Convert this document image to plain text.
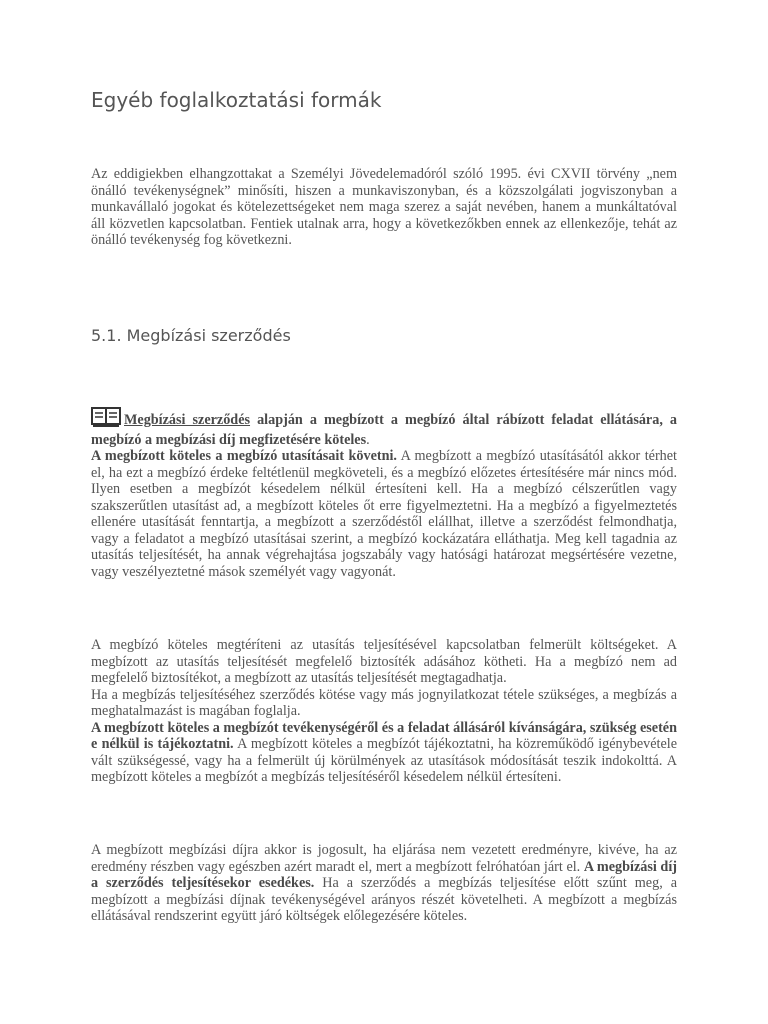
Egyéb foglalkoztatási formák

Az eddigiekben elhangzottakat a Személyi Jövedelemadóról szóló 1995. évi CXVII törvény „nem önálló tevékenységnek” minősíti, hiszen a munkaviszonyban, és a közszolgálati jogviszonyban a munkavállaló jogokat és kötelezettségeket nem maga szerez a saját nevében, hanem a munkáltatóval áll közvetlen kapcsolatban. Fentiek utalnak arra, hogy a következőkben ennek az ellenkezője, tehát az önálló tevékenység fog következni.

5.1. Megbízási szerződés

Megbízási szerződés alapján a megbízott a megbízó által rábízott feladat ellátására, a megbízó a megbízási díj megfizetésére köteles.
A megbízott köteles a megbízó utasításait követni. A megbízott a megbízó utasításától akkor térhet el, ha ezt a megbízó érdeke feltétlenül megköveteli, és a megbízó előzetes értesítésére már nincs mód. Ilyen esetben a megbízót késedelem nélkül értesíteni kell. Ha a megbízó célszerűtlen vagy szakszerűtlen utasítást ad, a megbízott köteles őt erre figyelmeztetni. Ha a megbízó a figyelmeztetés ellenére utasítását fenntartja, a megbízott a szerződéstől elállhat, illetve a szerződést felmondhatja, vagy a feladatot a megbízó utasításai szerint, a megbízó kockázatára elláthatja. Meg kell tagadnia az utasítás teljesítését, ha annak végrehajtása jogszabály vagy hatósági határozat megsértésére vezetne, vagy veszélyeztetné mások személyét vagy vagyonát.

A megbízó köteles megtéríteni az utasítás teljesítésével kapcsolatban felmerült költségeket. A megbízott az utasítás teljesítését megfelelő biztosíték adásához kötheti. Ha a megbízó nem ad megfelelő biztosítékot, a megbízott az utasítás teljesítését megtagadhatja.
Ha a megbízás teljesítéséhez szerződés kötése vagy más jognyilatkozat tétele szükséges, a megbízás a meghatalmazást is magában foglalja.
A megbízott köteles a megbízót tevékenységéről és a feladat állásáról kívánságára, szükség esetén e nélkül is tájékoztatni. A megbízott köteles a megbízót tájékoztatni, ha közreműködő igénybevétele vált szükségessé, vagy ha a felmerült új körülmények az utasítások módosítását teszik indokolttá. A megbízott köteles a megbízót a megbízás teljesítéséről késedelem nélkül értesíteni.

A megbízott megbízási díjra akkor is jogosult, ha eljárása nem vezetett eredményre, kivéve, ha az eredmény részben vagy egészben azért maradt el, mert a megbízott felróhatóan járt el. A megbízási díj a szerződés teljesítésekor esedékes. Ha a szerződés a megbízás teljesítése előtt szűnt meg, a megbízott a megbízási díjnak tevékenységével arányos részét követelheti. A megbízott a megbízás ellátásával rendszerint együtt járó költségek előlegezésére köteles.
